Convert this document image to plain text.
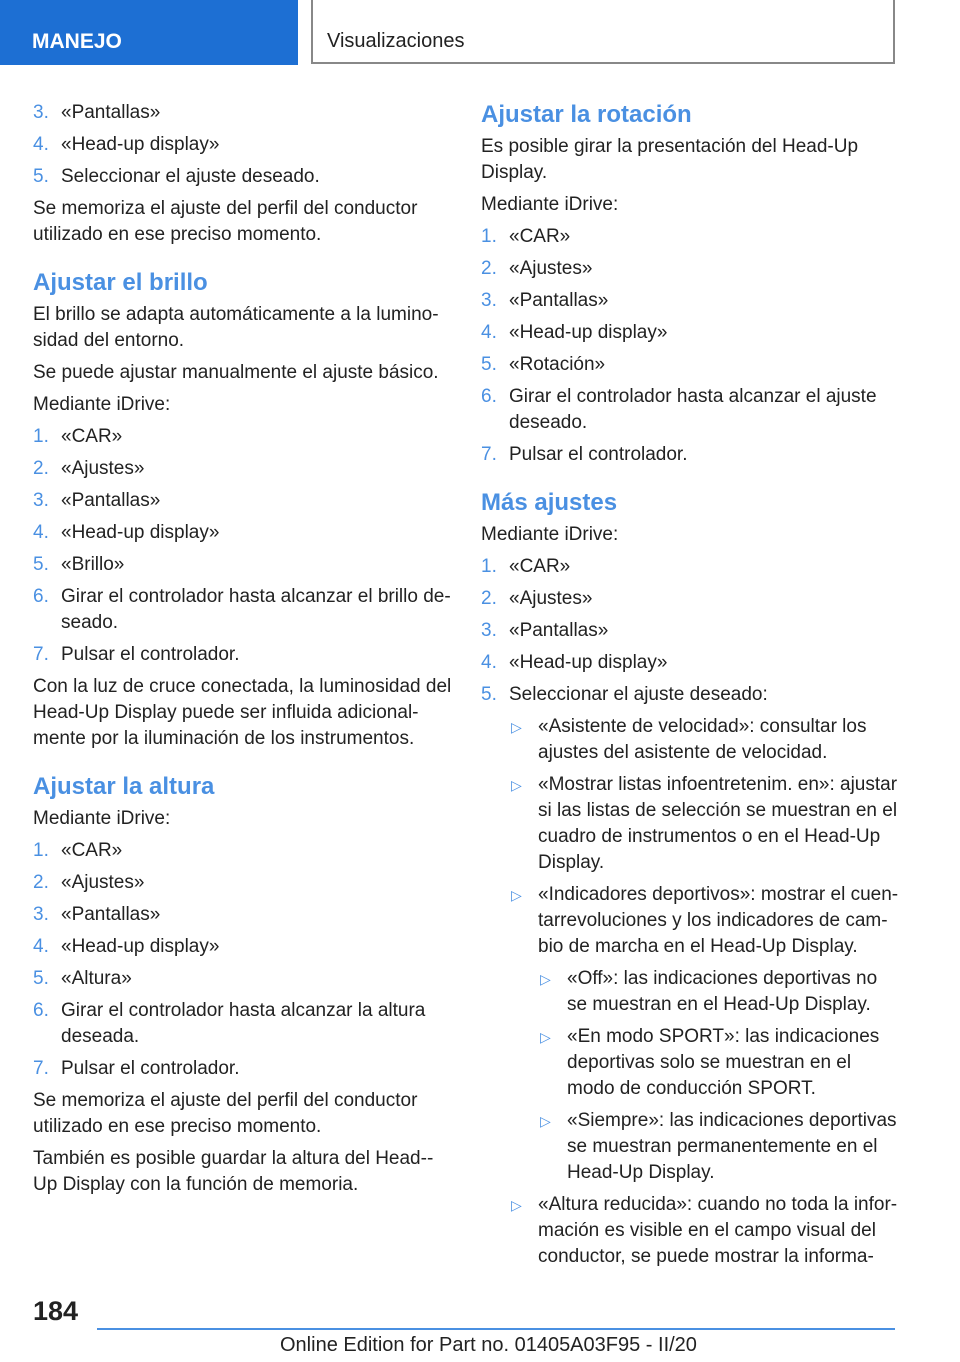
MANEJO	Visualizaciones
3. «Pantallas»
4. «Head-up display»
5. Seleccionar el ajuste deseado.

Se memoriza el ajuste del perfil del conductor utilizado en ese preciso momento.

Ajustar el brillo

El brillo se adapta automáticamente a la lumino-sidad del entorno.

Se puede ajustar manualmente el ajuste básico.

Mediante iDrive:

1. «CAR»
2. «Ajustes»
3. «Pantallas»
4. «Head-up display»
5. «Brillo»
6. Girar el controlador hasta alcanzar el brillo de-seado.
7. Pulsar el controlador.

Con la luz de cruce conectada, la luminosidad del Head-Up Display puede ser influida adicional-mente por la iluminación de los instrumentos.

Ajustar la altura

Mediante iDrive:

1. «CAR»
2. «Ajustes»
3. «Pantallas»
4. «Head-up display»
5. «Altura»
6. Girar el controlador hasta alcanzar la altura deseada.
7. Pulsar el controlador.

Se memoriza el ajuste del perfil del conductor utilizado en ese preciso momento.

También es posible guardar la altura del Head--Up Display con la función de memoria.

Ajustar la rotación

Es posible girar la presentación del Head-Up Display.

Mediante iDrive:

1. «CAR»
2. «Ajustes»
3. «Pantallas»
4. «Head-up display»
5. «Rotación»
6. Girar el controlador hasta alcanzar el ajuste deseado.
7. Pulsar el controlador.
Más ajustes

Mediante iDrive:

1. «CAR»
2. «Ajustes»
3. «Pantallas»
4. «Head-up display»
5. Seleccionar el ajuste deseado:
▷ «Asistente de velocidad»: consultar los ajustes del asistente de velocidad.
▷ «Mostrar listas infoentretenim. en»: ajustar si las listas de selección se muestran en el cuadro de instrumentos o en el Head-Up Display.
▷ «Indicadores deportivos»: mostrar el cuen-tarrevoluciones y los indicadores de cam-bio de marcha en el Head-Up Display.
▷ «Off»: las indicaciones deportivas no se muestran en el Head-Up Display.
▷ «En modo SPORT»: las indicaciones deportivas solo se muestran en el modo de conducción SPORT.
▷ «Siempre»: las indicaciones deportivas se muestran permanentemente en el Head-Up Display.
▷ «Altura reducida»: cuando no toda la infor-mación es visible en el campo visual del conductor, se puede mostrar la informa-
184
Online Edition for Part no. 01405A03F95 - II/20
